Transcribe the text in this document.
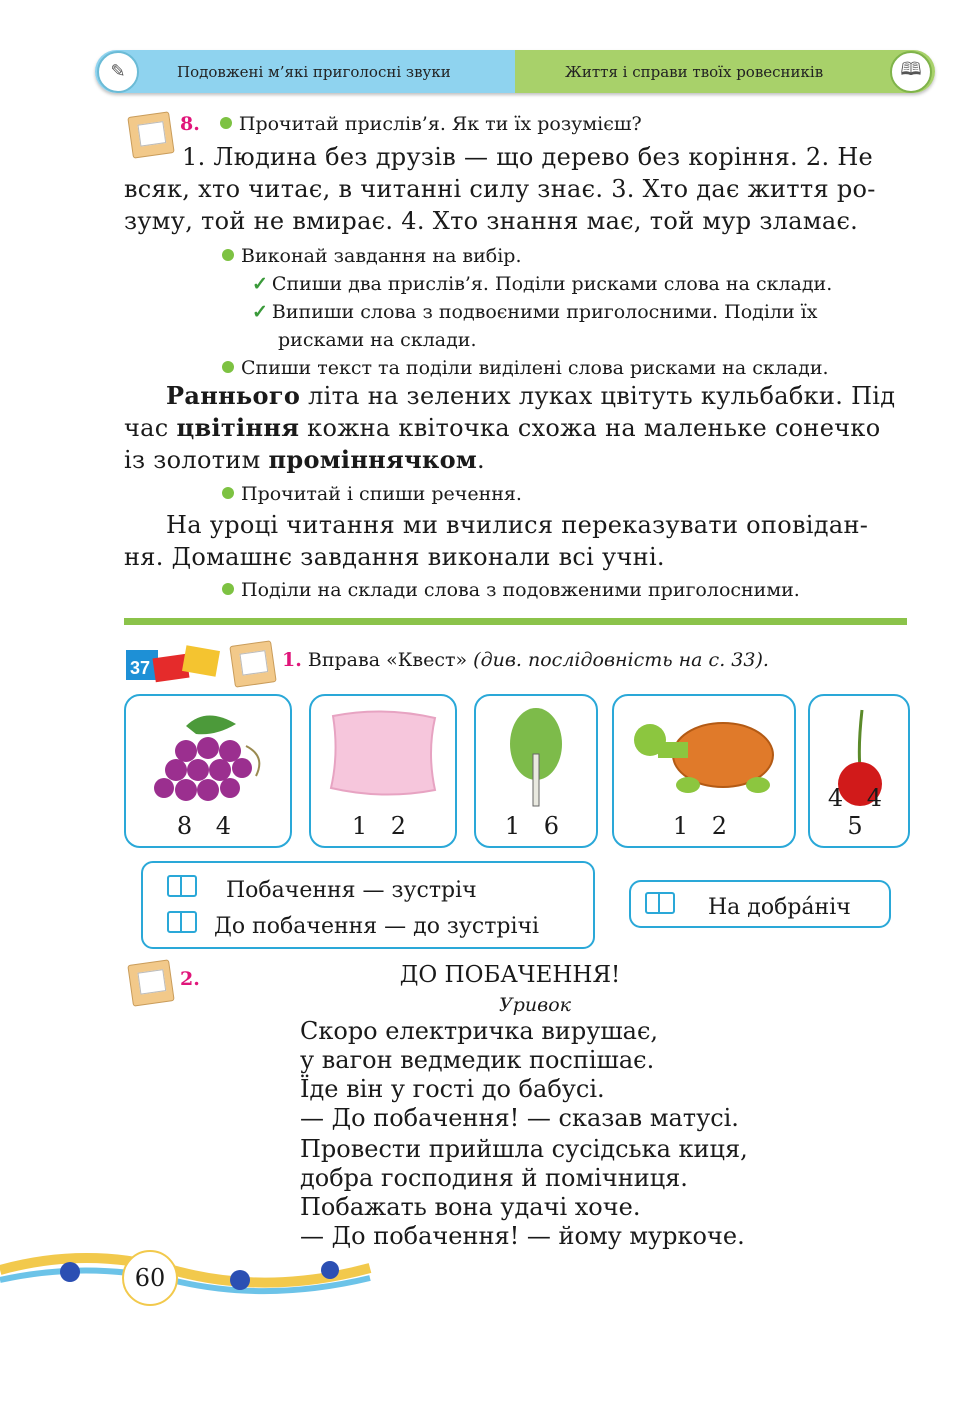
✎	Подовжені м’які приголосні звуки	Життя і справи твоїх ровесників	🕮
8. Прочитай прислів’я. Як ти їх розумієш?
1. Людина без друзів — що дерево без коріння. 2. Не
всяк, хто читає, в читанні силу знає. 3. Хто дає життя ро-
зуму, той не вмирає. 4. Хто знання має, той мур зламає.
Виконай завдання на вибір.
✓ Спиши два прислів’я. Поділи рисками слова на склади.
✓ Випиши слова з подвоєними приголосними. Поділи їх
рисками на склади.
Спиши текст та поділи виділені слова рисками на склади.
Раннього літа на зелених луках цвітуть кульбабки. Під
час цвітіння кожна квіточка схожа на маленьке сонечко
із золотим проміннячком.
Прочитай і спиши речення.
На уроці читання ми вчилися переказувати оповідан-
ня. Домашнє завдання виконали всі учні.
Поділи на склади слова з подовженими приголосними.
37	1. Вправа «Квест» (див. послідовність на с. 33).
8 4	1 2	1 6	1 2
4 4 5
Побачення — зустріч
До побачення — до зустрічі
На добра́ніч
2.	ДО ПОБАЧЕННЯ!
Уривок
Скоро електричка вирушає,
у вагон ведмедик поспішає.
Їде він у гості до бабусі.
— До побачення! — сказав матусі.
Провести прийшла сусідська киця,
добра господиня й помічниця.
Побажать вона удачі хоче.
— До побачення! — йому муркоче.
60
